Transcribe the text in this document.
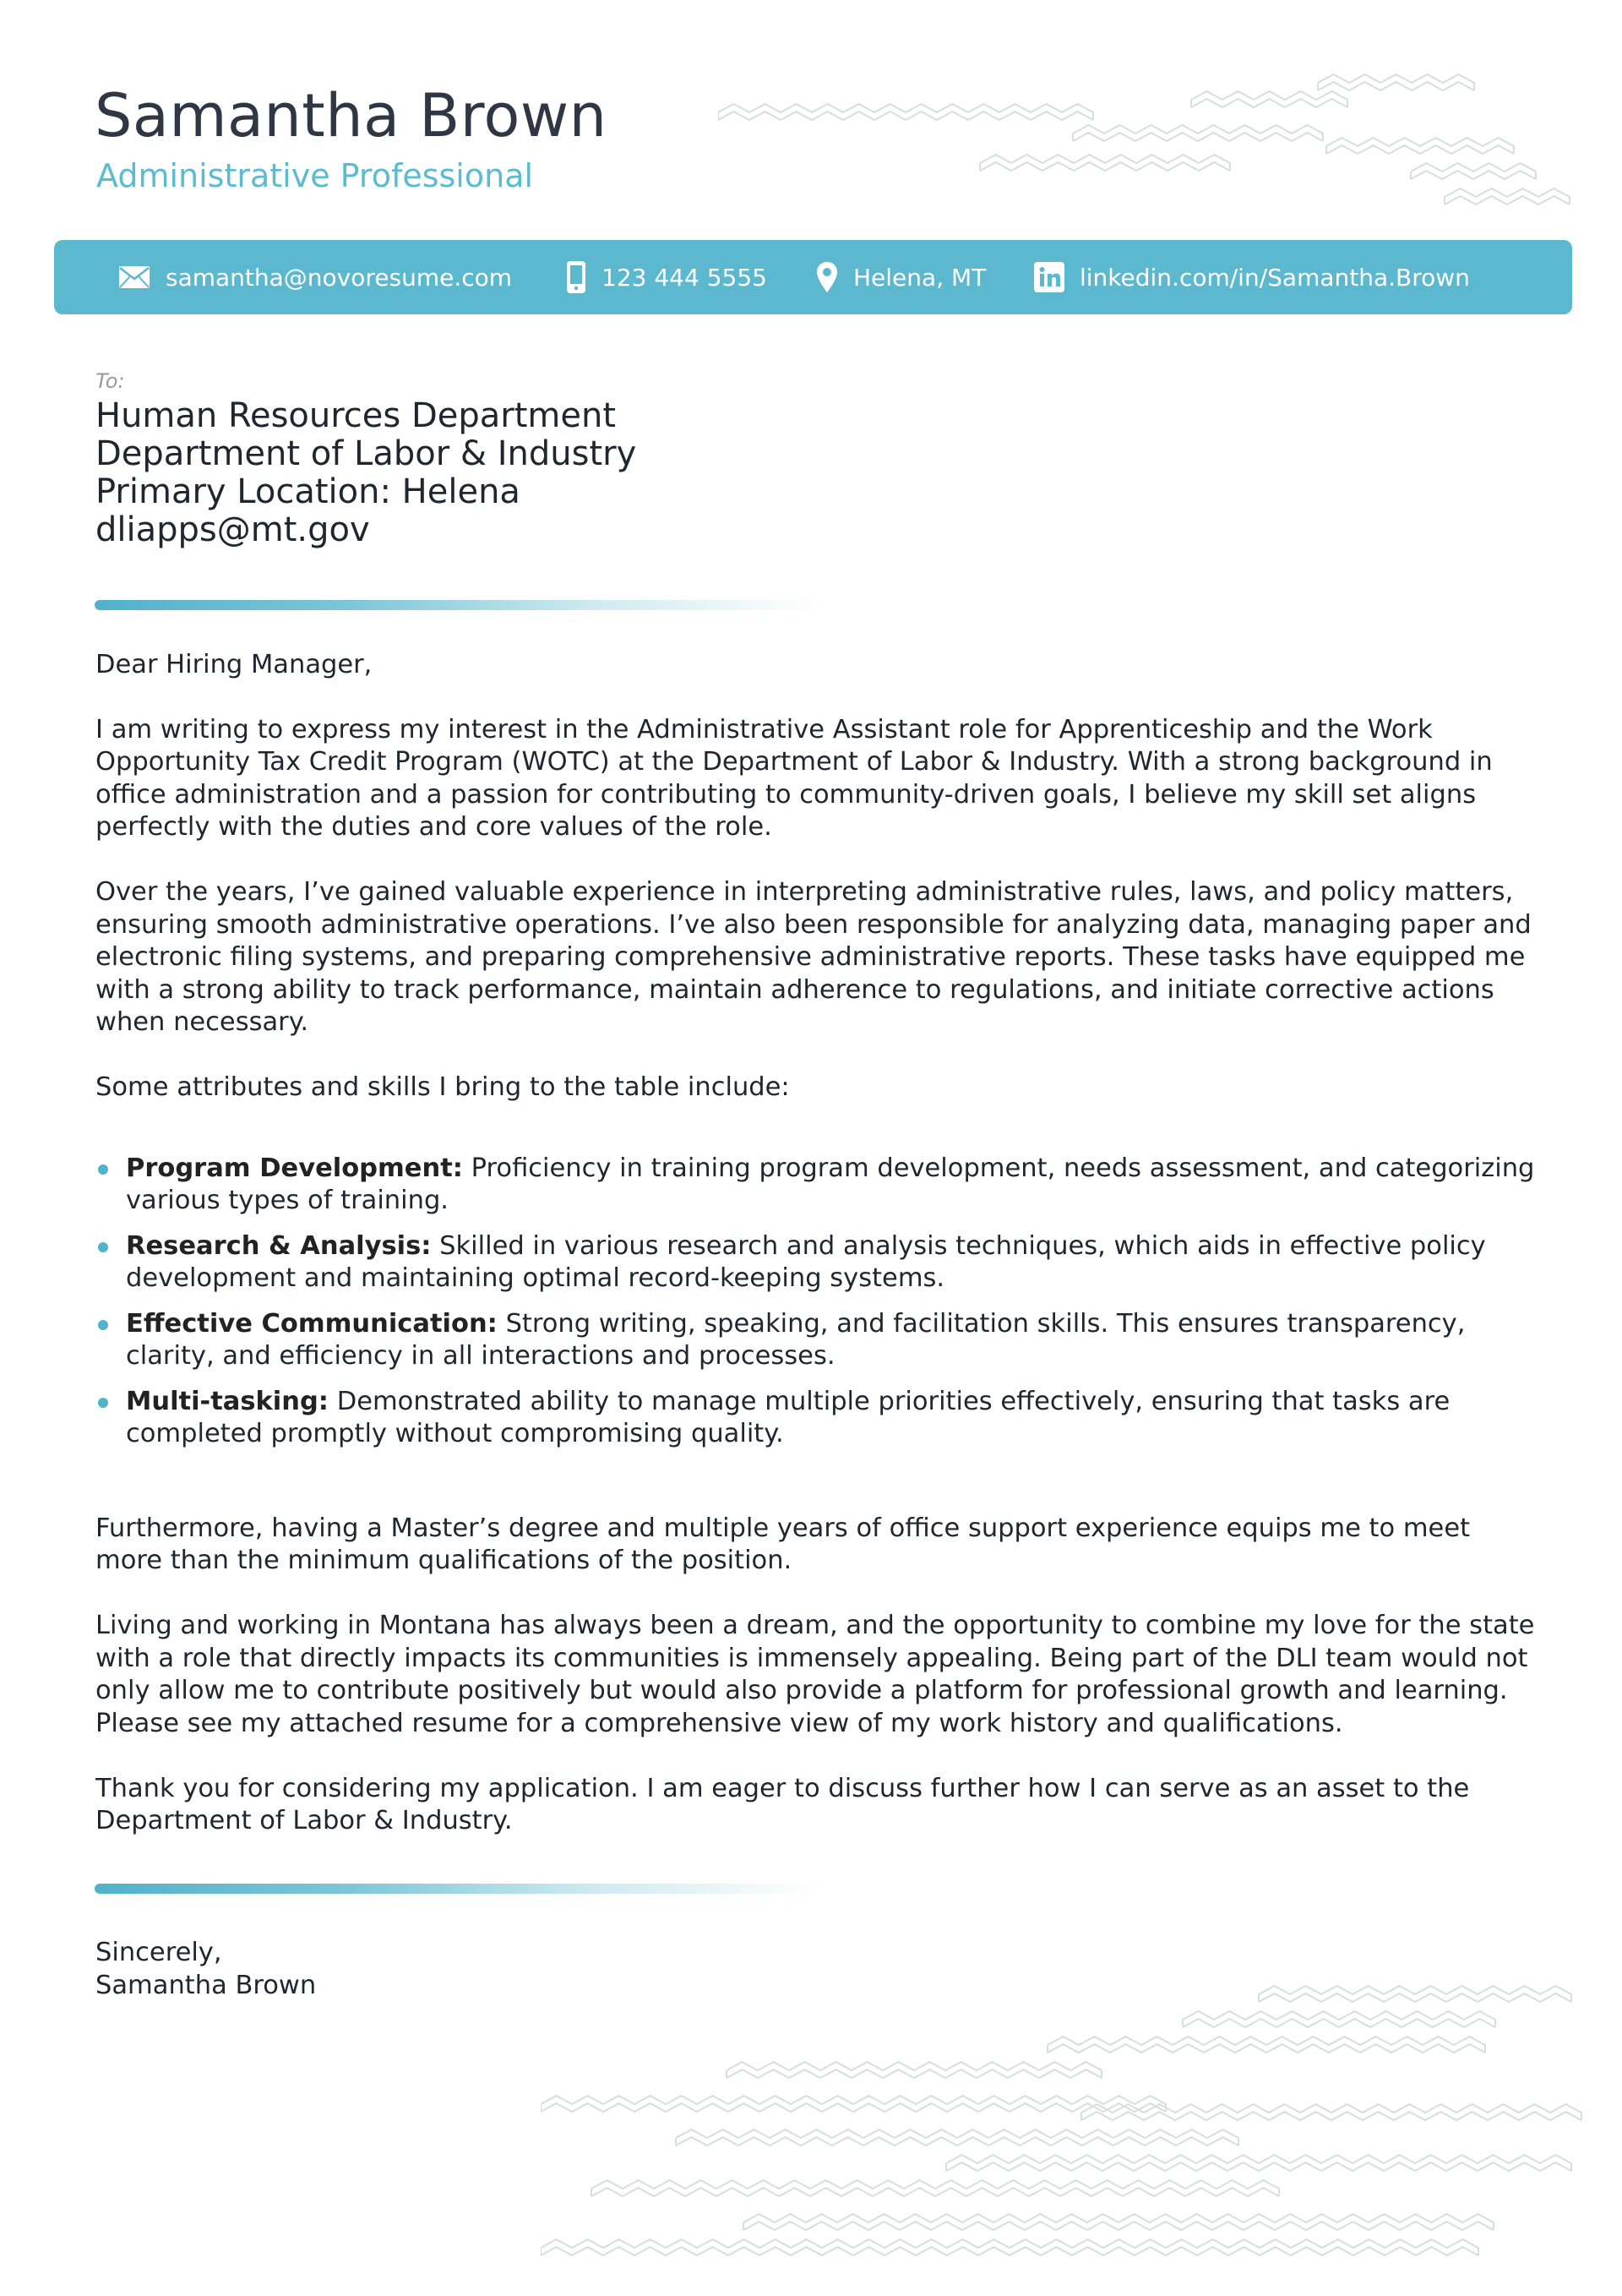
Samantha Brown
Administrative Professional
samantha@novoresume.com	123 444 5555	Helena, MT	linkedin.com/in/Samantha.Brown
To:
Human Resources Department
Department of Labor & Industry
Primary Location: Helena
dliapps@mt.gov

Dear Hiring Manager,

I am writing to express my interest in the Administrative Assistant role for Apprenticeship and the Work Opportunity Tax Credit Program (WOTC) at the Department of Labor & Industry. With a strong background in office administration and a passion for contributing to community-driven goals, I believe my skill set aligns perfectly with the duties and core values of the role.

Over the years, I’ve gained valuable experience in interpreting administrative rules, laws, and policy matters, ensuring smooth administrative operations. I’ve also been responsible for analyzing data, managing paper and electronic filing systems, and preparing comprehensive administrative reports. These tasks have equipped me with a strong ability to track performance, maintain adherence to regulations, and initiate corrective actions when necessary.

Some attributes and skills I bring to the table include:

Program Development: Proficiency in training program development, needs assessment, and categorizing various types of training.
Research & Analysis: Skilled in various research and analysis techniques, which aids in effective policy development and maintaining optimal record-keeping systems.
Effective Communication: Strong writing, speaking, and facilitation skills. This ensures transparency, clarity, and efficiency in all interactions and processes.
Multi-tasking: Demonstrated ability to manage multiple priorities effectively, ensuring that tasks are completed promptly without compromising quality.

Furthermore, having a Master’s degree and multiple years of office support experience equips me to meet more than the minimum qualifications of the position.

Living and working in Montana has always been a dream, and the opportunity to combine my love for the state with a role that directly impacts its communities is immensely appealing. Being part of the DLI team would not only allow me to contribute positively but would also provide a platform for professional growth and learning. Please see my attached resume for a comprehensive view of my work history and qualifications.

Thank you for considering my application. I am eager to discuss further how I can serve as an asset to the Department of Labor & Industry.

Sincerely,
Samantha Brown
